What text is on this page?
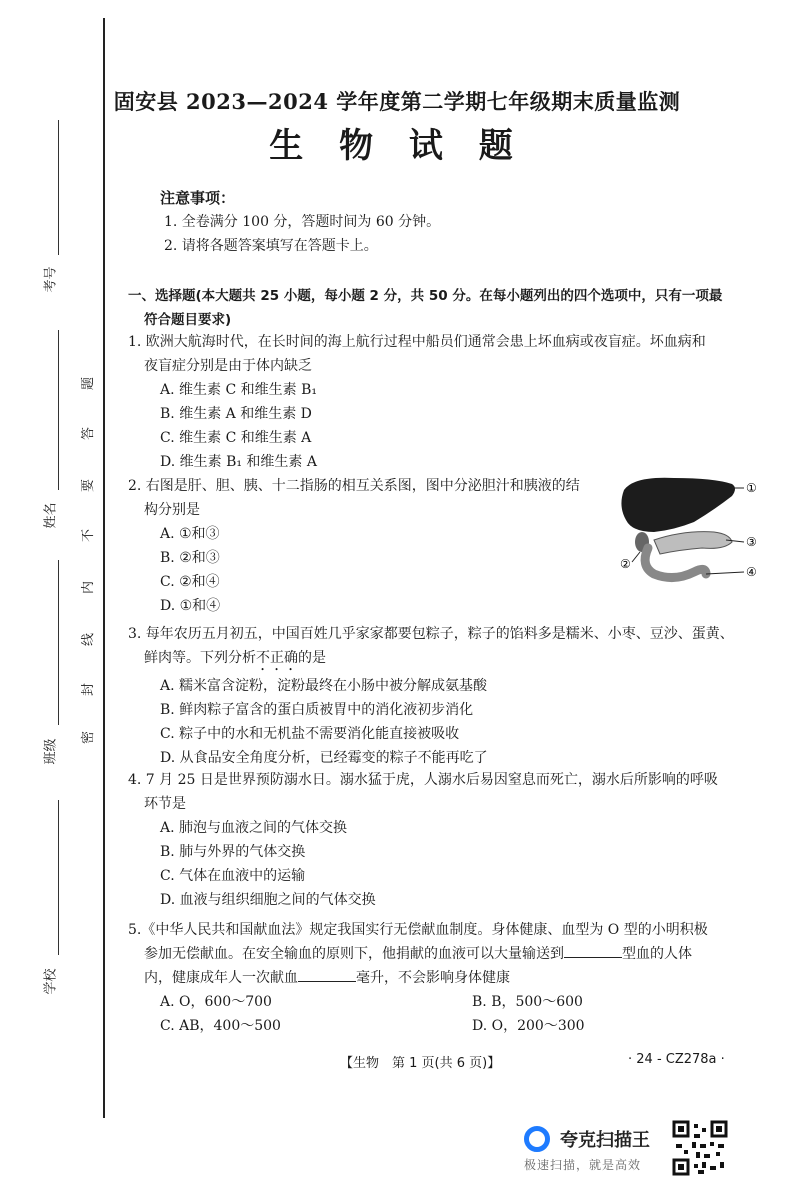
考号
姓名
班级
学校
密
封
线
内
不
要
答
题
固安县 2023—2024 学年度第二学期七年级期末质量监测
生 物 试 题
注意事项：
1. 全卷满分 100 分，答题时间为 60 分钟。
2. 请将各题答案填写在答题卡上。
一、选择题(本大题共 25 小题，每小题 2 分，共 50 分。在每小题列出的四个选项中，只有一项最
符合题目要求)
1. 欧洲大航海时代，在长时间的海上航行过程中船员们通常会患上坏血病或夜盲症。坏血病和
夜盲症分别是由于体内缺乏
A. 维生素 C 和维生素 B₁
B. 维生素 A 和维生素 D
C. 维生素 C 和维生素 A
D. 维生素 B₁ 和维生素 A
2. 右图是肝、胆、胰、十二指肠的相互关系图，图中分泌胆汁和胰液的结
构分别是
A. ①和③
B. ②和③
C. ②和④
D. ①和④
①
②
③
④
3. 每年农历五月初五，中国百姓几乎家家都要包粽子，粽子的馅料多是糯米、小枣、豆沙、蛋黄、
鲜肉等。下列分析不正确的是
A. 糯米富含淀粉，淀粉最终在小肠中被分解成氨基酸
B. 鲜肉粽子富含的蛋白质被胃中的消化液初步消化
C. 粽子中的水和无机盐不需要消化能直接被吸收
D. 从食品安全角度分析，已经霉变的粽子不能再吃了
4. 7 月 25 日是世界预防溺水日。溺水猛于虎，人溺水后易因窒息而死亡，溺水后所影响的呼吸
环节是
A. 肺泡与血液之间的气体交换
B. 肺与外界的气体交换
C. 气体在血液中的运输
D. 血液与组织细胞之间的气体交换
5.《中华人民共和国献血法》规定我国实行无偿献血制度。身体健康、血型为 O 型的小明积极
参加无偿献血。在安全输血的原则下，他捐献的血液可以大量输送到	型血的人体
内，健康成年人一次献血	毫升，不会影响身体健康
A. O，600～700	B. B，500～600
C. AB，400～500	D. O，200～300
【生物　第 1 页(共 6 页)】	· 24 - CZ278a ·
夸克扫描王
极速扫描，就是高效
